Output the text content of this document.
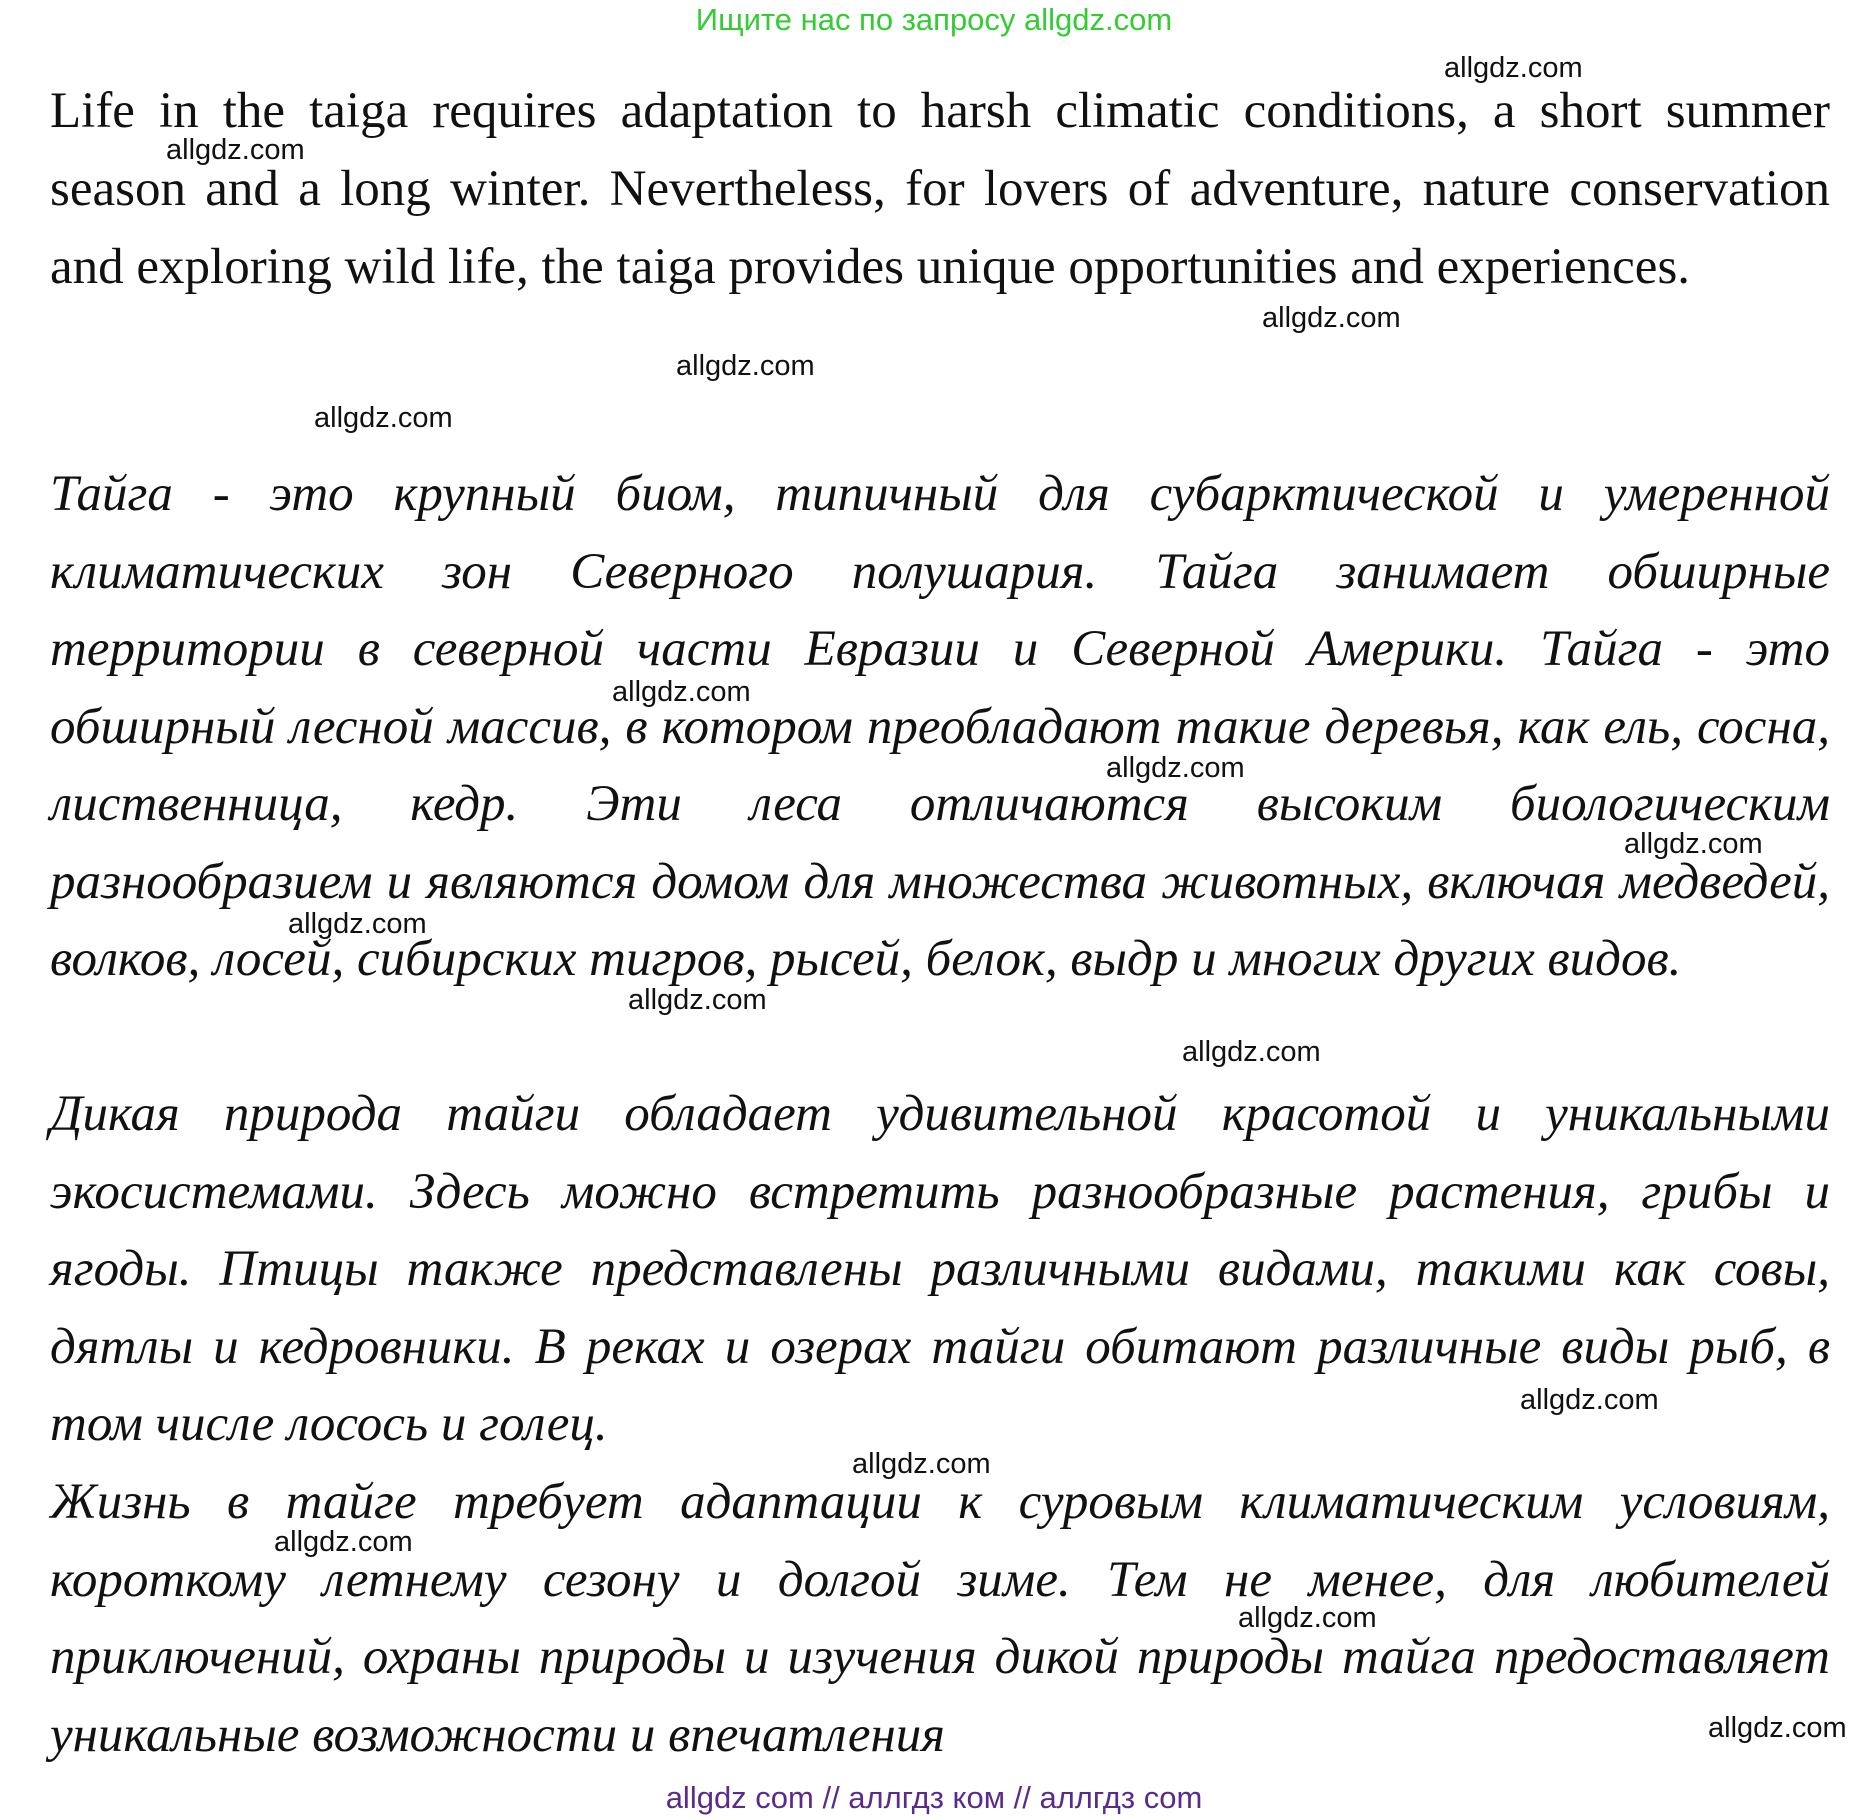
Ищите нас по запросу allgdz.com

Life in the taiga requires adaptation to harsh climatic conditions, a short summer season and a long winter. Nevertheless, for lovers of adventure, nature conservation and exploring wild life, the taiga provides unique opportunities and experiences.

Тайга - это крупный биом, типичный для субарктической и умеренной климатических зон Северного полушария. Тайга занимает обширные территории в северной части Евразии и Северной Америки. Тайга - это обширный лесной массив, в котором преобладают такие деревья, как ель, сосна, лиственница, кедр. Эти леса отличаются высоким биологическим разнообразием и являются домом для множества животных, включая медведей, волков, лосей, сибирских тигров, рысей, белок, выдр и многих других видов.

Дикая природа тайги обладает удивительной красотой и уникальными экосистемами. Здесь можно встретить разнообразные растения, грибы и ягоды. Птицы также представлены различными видами, такими как совы, дятлы и кедровники. В реках и озерах тайги обитают различные виды рыб, в том числе лосось и голец.

Жизнь в тайге требует адаптации к суровым климатическим условиям, короткому летнему сезону и долгой зиме. Тем не менее, для любителей приключений, охраны природы и изучения дикой природы тайга предоставляет уникальные возможности и впечатления

allgdz.com
allgdz.com
allgdz.com
allgdz.com
allgdz.com
allgdz.com
allgdz.com
allgdz.com
allgdz.com
allgdz.com
allgdz.com
allgdz.com
allgdz.com
allgdz.com
allgdz.com
allgdz.com
allgdz com // аллгдз ком // аллгдз com
